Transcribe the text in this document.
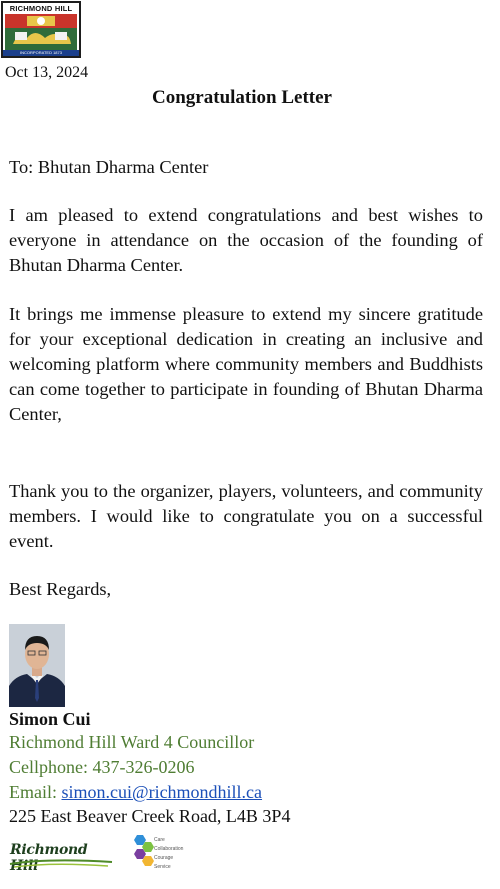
RICHMOND HILL
INCORPORATED 1873
Oct 13, 2024
Congratulation Letter
To: Bhutan Dharma Center
I am pleased to extend congratulations and best wishes to everyone in attendance on the occasion of the founding of Bhutan Dharma Center.
It brings me immense pleasure to extend my sincere gratitude for your exceptional dedication in creating an inclusive and welcoming platform where community members and Buddhists can come together to participate in founding of Bhutan Dharma Center,
Thank you to the organizer, players, volunteers, and community members. I would like to congratulate you on a successful event.
Best Regards,
Simon Cui
Richmond Hill Ward 4 Councillor
Cellphone: 437-326-0206
Email: simon.cui@richmondhill.ca
225 East Beaver Creek Road, L4B 3P4
Richmond Hill
Care
Collaboration
Courage
Service
